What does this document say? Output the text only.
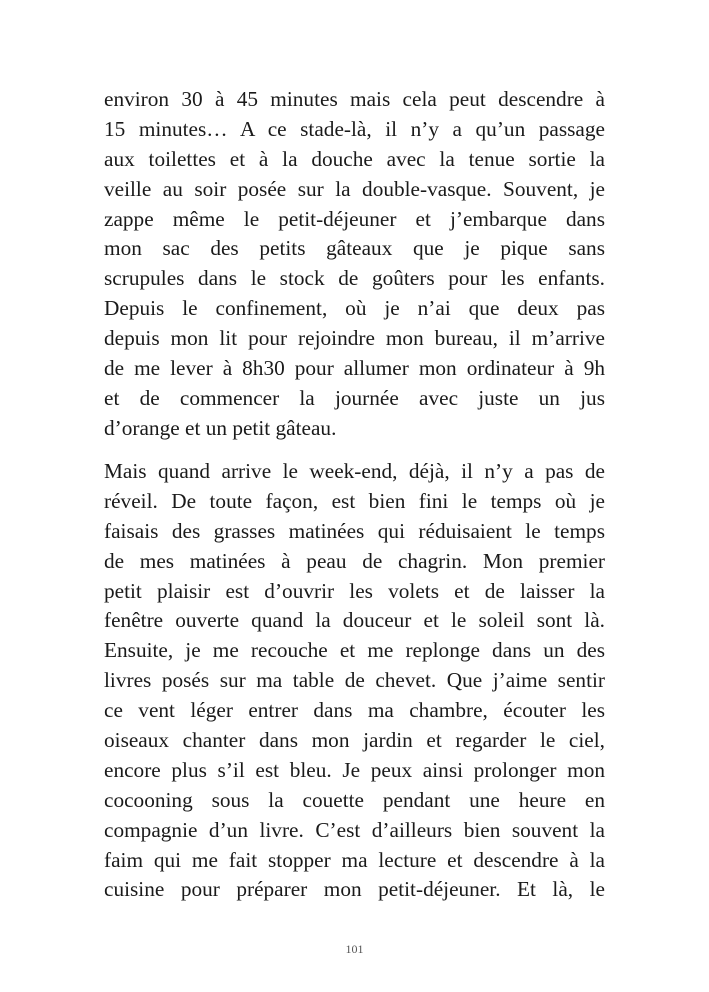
environ 30 à 45 minutes mais cela peut descendre à
15 minutes… A ce stade-là, il n’y a qu’un passage
aux toilettes et à la douche avec la tenue sortie la
veille au soir posée sur la double-vasque. Souvent, je
zappe même le petit-déjeuner et j’embarque dans
mon sac des petits gâteaux que je pique sans
scrupules dans le stock de goûters pour les enfants.
Depuis le confinement, où je n’ai que deux pas
depuis mon lit pour rejoindre mon bureau, il m’arrive
de me lever à 8h30 pour allumer mon ordinateur à 9h
et de commencer la journée avec juste un jus
d’orange et un petit gâteau.
Mais quand arrive le week-end, déjà, il n’y a pas de
réveil. De toute façon, est bien fini le temps où je
faisais des grasses matinées qui réduisaient le temps
de mes matinées à peau de chagrin. Mon premier
petit plaisir est d’ouvrir les volets et de laisser la
fenêtre ouverte quand la douceur et le soleil sont là.
Ensuite, je me recouche et me replonge dans un des
livres posés sur ma table de chevet. Que j’aime sentir
ce vent léger entrer dans ma chambre, écouter les
oiseaux chanter dans mon jardin et regarder le ciel,
encore plus s’il est bleu. Je peux ainsi prolonger mon
cocooning sous la couette pendant une heure en
compagnie d’un livre. C’est d’ailleurs bien souvent la
faim qui me fait stopper ma lecture et descendre à la
cuisine pour préparer mon petit-déjeuner. Et là, le
101
